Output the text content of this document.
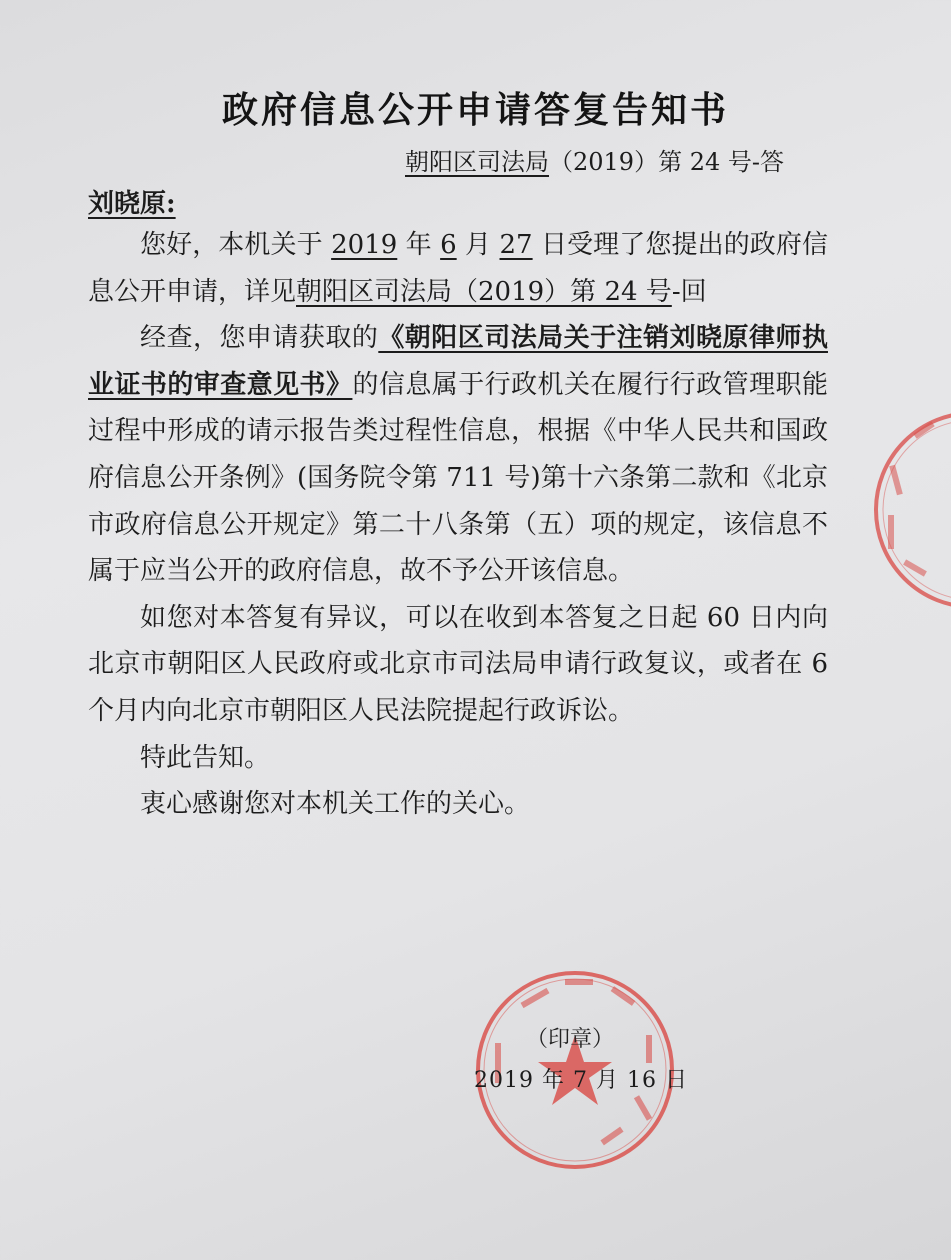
政府信息公开申请答复告知书
朝阳区司法局（2019）第 24 号-答
刘晓原:

您好，本机关于 2019 年 6 月 27 日受理了您提出的政府信息公开申请，详见朝阳区司法局（2019）第 24 号-回

经查，您申请获取的《朝阳区司法局关于注销刘晓原律师执业证书的审查意见书》的信息属于行政机关在履行行政管理职能过程中形成的请示报告类过程性信息，根据《中华人民共和国政府信息公开条例》(国务院令第 711 号)第十六条第二款和《北京市政府信息公开规定》第二十八条第（五）项的规定，该信息不属于应当公开的政府信息，故不予公开该信息。

如您对本答复有异议，可以在收到本答复之日起 60 日内向北京市朝阳区人民政府或北京市司法局申请行政复议，或者在 6 个月内向北京市朝阳区人民法院提起行政诉讼。

特此告知。

衷心感谢您对本机关工作的关心。

（印章）
2019 年 7 月 16 日
